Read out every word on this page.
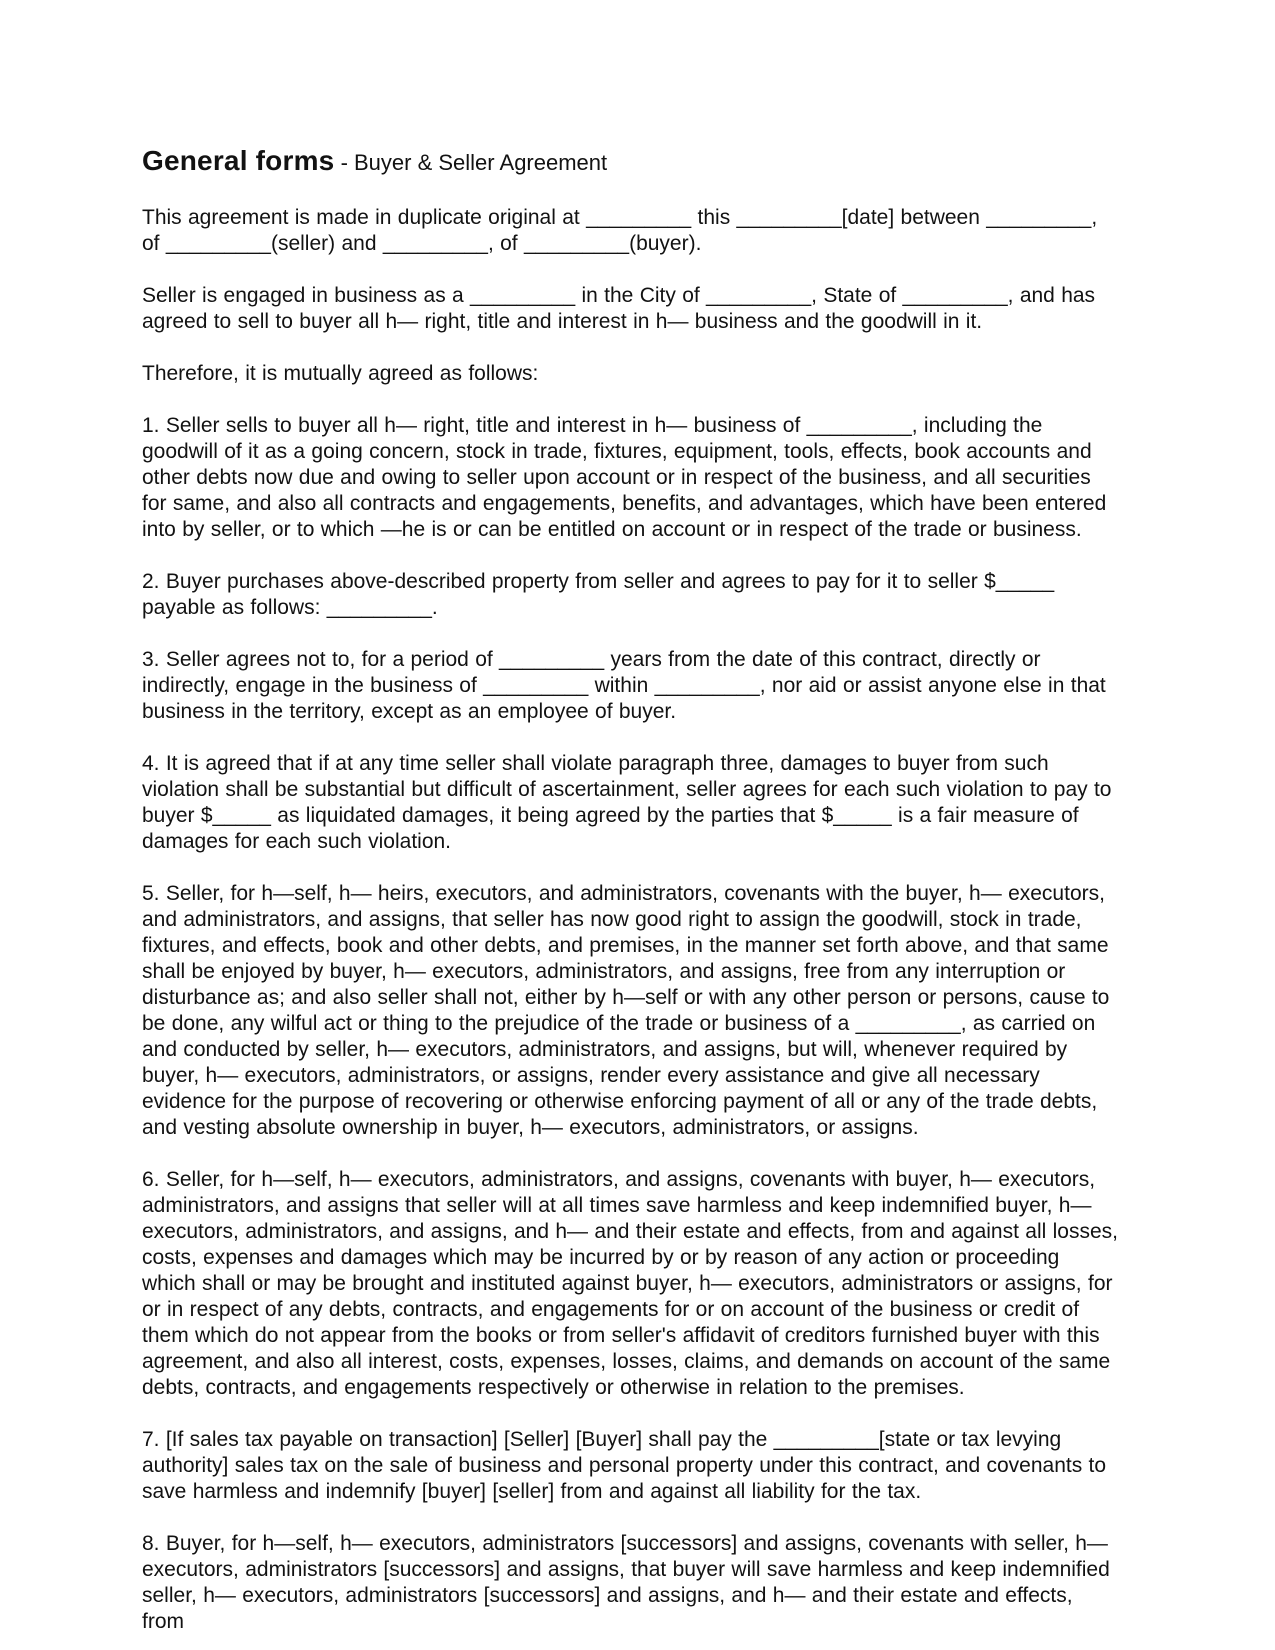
General forms - Buyer & Seller Agreement

This agreement is made in duplicate original at _________ this _________[date] between _________, of _________(seller) and _________, of _________(buyer).

Seller is engaged in business as a _________ in the City of _________, State of _________, and has agreed to sell to buyer all h— right, title and interest in h— business and the goodwill in it.

Therefore, it is mutually agreed as follows:

1. Seller sells to buyer all h— right, title and interest in h— business of _________, including the goodwill of it as a going concern, stock in trade, fixtures, equipment, tools, effects, book accounts and other debts now due and owing to seller upon account or in respect of the business, and all securities for same, and also all contracts and engagements, benefits, and advantages, which have been entered into by seller, or to which —he is or can be entitled on account or in respect of the trade or business.

2. Buyer purchases above-described property from seller and agrees to pay for it to seller $_____ payable as follows: _________.

3. Seller agrees not to, for a period of _________ years from the date of this contract, directly or indirectly, engage in the business of _________ within _________, nor aid or assist anyone else in that business in the territory, except as an employee of buyer.

4. It is agreed that if at any time seller shall violate paragraph three, damages to buyer from such violation shall be substantial but difficult of ascertainment, seller agrees for each such violation to pay to buyer $_____ as liquidated damages, it being agreed by the parties that $_____ is a fair measure of damages for each such violation.

5. Seller, for h—self, h— heirs, executors, and administrators, covenants with the buyer, h— executors, and administrators, and assigns, that seller has now good right to assign the goodwill, stock in trade, fixtures, and effects, book and other debts, and premises, in the manner set forth above, and that same shall be enjoyed by buyer, h— executors, administrators, and assigns, free from any interruption or disturbance as; and also seller shall not, either by h—self or with any other person or persons, cause to be done, any wilful act or thing to the prejudice of the trade or business of a _________, as carried on and conducted by seller, h— executors, administrators, and assigns, but will, whenever required by buyer, h— executors, administrators, or assigns, render every assistance and give all necessary evidence for the purpose of recovering or otherwise enforcing payment of all or any of the trade debts, and vesting absolute ownership in buyer, h— executors, administrators, or assigns.

6. Seller, for h—self, h— executors, administrators, and assigns, covenants with buyer, h— executors, administrators, and assigns that seller will at all times save harmless and keep indemnified buyer, h— executors, administrators, and assigns, and h— and their estate and effects, from and against all losses, costs, expenses and damages which may be incurred by or by reason of any action or proceeding which shall or may be brought and instituted against buyer, h— executors, administrators or assigns, for or in respect of any debts, contracts, and engagements for or on account of the business or credit of them which do not appear from the books or from seller's affidavit of creditors furnished buyer with this agreement, and also all interest, costs, expenses, losses, claims, and demands on account of the same debts, contracts, and engagements respectively or otherwise in relation to the premises.

7. [If sales tax payable on transaction] [Seller] [Buyer] shall pay the _________[state or tax levying authority] sales tax on the sale of business and personal property under this contract, and covenants to save harmless and indemnify [buyer] [seller] from and against all liability for the tax.

8. Buyer, for h—self, h— executors, administrators [successors] and assigns, covenants with seller, h— executors, administrators [successors] and assigns, that buyer will save harmless and keep indemnified seller, h— executors, administrators [successors] and assigns, and h— and their estate and effects, from
